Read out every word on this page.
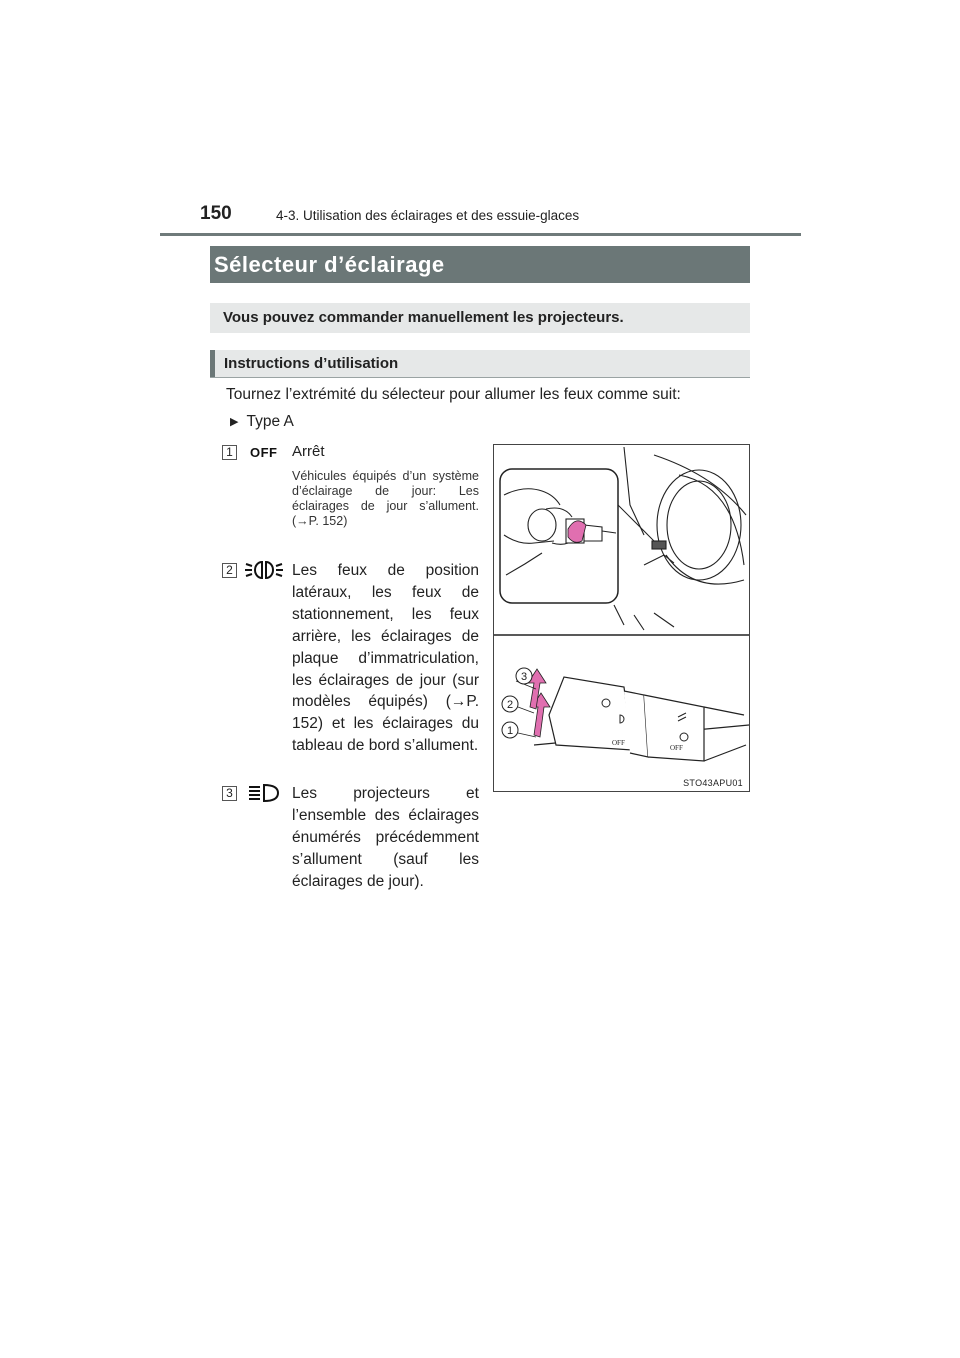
150	4-3. Utilisation des éclairages et des essuie-glaces
Sélecteur d’éclairage
Vous pouvez commander manuellement les projecteurs.
Instructions d’utilisation
Tournez l’extrémité du sélecteur pour allumer les feux comme suit:
▶ Type A
1	OFF Arrêt
Véhicules équipés d’un système d’éclairage de jour: Les éclairages de jour s’allument. (→P. 152)
2	Les feux de position latéraux, les feux de stationnement, les feux arrière, les éclairages de plaque d’immatriculation, les éclairages de jour (sur modèles équipés) (→P. 152) et les éclairages du tableau de bord s’allument.
3	Les projecteurs et l’ensemble des éclairages énumérés précédemment s’allument (sauf les éclairages de jour).
OFF
OFF
3
2
1
STO43APU01
